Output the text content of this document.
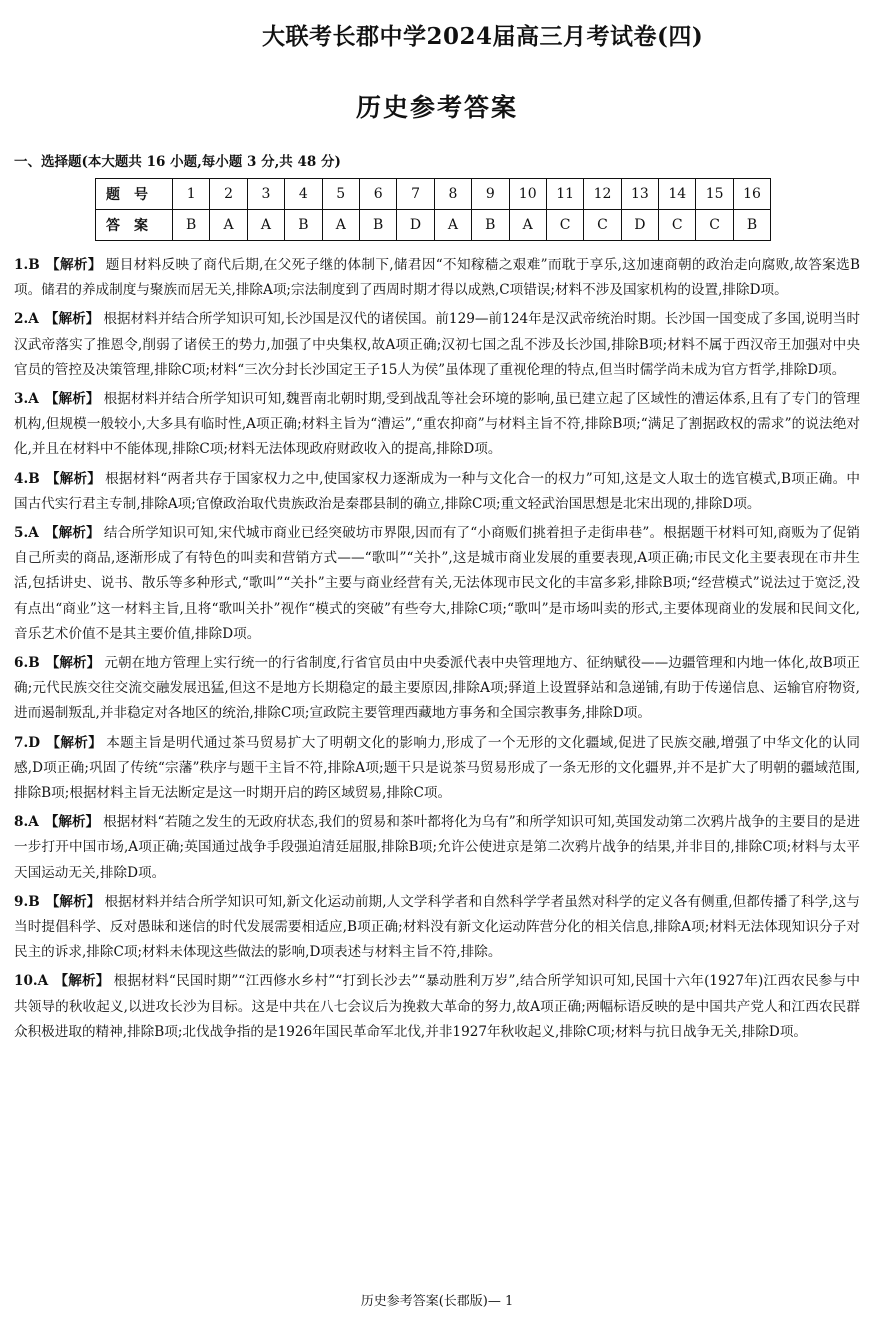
大联考长郡中学2024届高三月考试卷(四)
历史参考答案
一、选择题(本大题共 16 小题,每小题 3 分,共 48 分)
题号	1	2	3	4	5	6	7	8	9	10	11	12	13	14	15	16
答案	B	A	A	B	A	B	D	A	B	A	C	C	D	C	C	B

1.B 【解析】 题目材料反映了商代后期,在父死子继的体制下,储君因“不知稼穑之艰难”而耽于享乐,这加速商朝的政治走向腐败,故答案选B项。储君的养成制度与聚族而居无关,排除A项;宗法制度到了西周时期才得以成熟,C项错误;材料不涉及国家机构的设置,排除D项。

2.A 【解析】 根据材料并结合所学知识可知,长沙国是汉代的诸侯国。前129—前124年是汉武帝统治时期。长沙国一国变成了多国,说明当时汉武帝落实了推恩令,削弱了诸侯王的势力,加强了中央集权,故A项正确;汉初七国之乱不涉及长沙国,排除B项;材料不属于西汉帝王加强对中央官员的管控及决策管理,排除C项;材料“三次分封长沙国定王子15人为侯”虽体现了重视伦理的特点,但当时儒学尚未成为官方哲学,排除D项。

3.A 【解析】 根据材料并结合所学知识可知,魏晋南北朝时期,受到战乱等社会环境的影响,虽已建立起了区域性的漕运体系,且有了专门的管理机构,但规模一般较小,大多具有临时性,A项正确;材料主旨为“漕运”,“重农抑商”与材料主旨不符,排除B项;“满足了割据政权的需求”的说法绝对化,并且在材料中不能体现,排除C项;材料无法体现政府财政收入的提高,排除D项。

4.B 【解析】 根据材料“两者共存于国家权力之中,使国家权力逐渐成为一种与文化合一的权力”可知,这是文人取士的选官模式,B项正确。中国古代实行君主专制,排除A项;官僚政治取代贵族政治是秦郡县制的确立,排除C项;重文轻武治国思想是北宋出现的,排除D项。

5.A 【解析】 结合所学知识可知,宋代城市商业已经突破坊市界限,因而有了“小商贩们挑着担子走街串巷”。根据题干材料可知,商贩为了促销自己所卖的商品,逐渐形成了有特色的叫卖和营销方式——“歌叫”“关扑”,这是城市商业发展的重要表现,A项正确;市民文化主要表现在市井生活,包括讲史、说书、散乐等多种形式,“歌叫”“关扑”主要与商业经营有关,无法体现市民文化的丰富多彩,排除B项;“经营模式”说法过于宽泛,没有点出“商业”这一材料主旨,且将“歌叫关扑”视作“模式的突破”有些夸大,排除C项;“歌叫”是市场叫卖的形式,主要体现商业的发展和民间文化,音乐艺术价值不是其主要价值,排除D项。

6.B 【解析】 元朝在地方管理上实行统一的行省制度,行省官员由中央委派代表中央管理地方、征纳赋役——边疆管理和内地一体化,故B项正确;元代民族交往交流交融发展迅猛,但这不是地方长期稳定的最主要原因,排除A项;驿道上设置驿站和急递铺,有助于传递信息、运输官府物资,进而遏制叛乱,并非稳定对各地区的统治,排除C项;宣政院主要管理西藏地方事务和全国宗教事务,排除D项。

7.D 【解析】 本题主旨是明代通过茶马贸易扩大了明朝文化的影响力,形成了一个无形的文化疆域,促进了民族交融,增强了中华文化的认同感,D项正确;巩固了传统“宗藩”秩序与题干主旨不符,排除A项;题干只是说茶马贸易形成了一条无形的文化疆界,并不是扩大了明朝的疆域范围,排除B项;根据材料主旨无法断定是这一时期开启的跨区域贸易,排除C项。

8.A 【解析】 根据材料“若随之发生的无政府状态,我们的贸易和茶叶都将化为乌有”和所学知识可知,英国发动第二次鸦片战争的主要目的是进一步打开中国市场,A项正确;英国通过战争手段强迫清廷屈服,排除B项;允许公使进京是第二次鸦片战争的结果,并非目的,排除C项;材料与太平天国运动无关,排除D项。

9.B 【解析】 根据材料并结合所学知识可知,新文化运动前期,人文学科学者和自然科学学者虽然对科学的定义各有侧重,但都传播了科学,这与当时提倡科学、反对愚昧和迷信的时代发展需要相适应,B项正确;材料没有新文化运动阵营分化的相关信息,排除A项;材料无法体现知识分子对民主的诉求,排除C项;材料未体现这些做法的影响,D项表述与材料主旨不符,排除。

10.A 【解析】 根据材料“民国时期”“江西修水乡村”“打到长沙去”“暴动胜利万岁”,结合所学知识可知,民国十六年(1927年)江西农民参与中共领导的秋收起义,以进攻长沙为目标。这是中共在八七会议后为挽救大革命的努力,故A项正确;两幅标语反映的是中国共产党人和江西农民群众积极进取的精神,排除B项;北伐战争指的是1926年国民革命军北伐,并非1927年秋收起义,排除C项;材料与抗日战争无关,排除D项。

历史参考答案(长郡版)— 1
